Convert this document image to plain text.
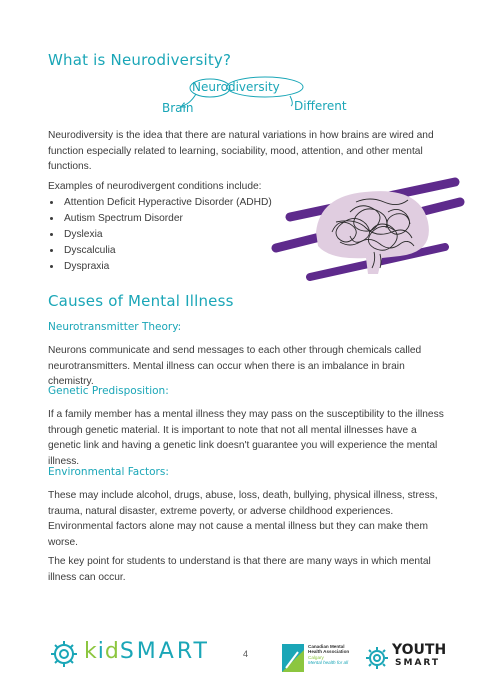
What is Neurodiversity?
Neurodiversity
Brain	Different

Neurodiversity is the idea that there are natural variations in how brains are wired and function especially related to learning, sociability, mood, attention, and other mental functions.

Examples of neurodivergent conditions include:

• Attention Deficit Hyperactive Disorder (ADHD)
• Autism Spectrum Disorder
• Dyslexia
• Dyscalculia
• Dyspraxia
Causes of Mental Illness
Neurotransmitter Theory:

Neurons communicate and send messages to each other through chemicals called neurotransmitters. Mental illness can occur when there is an imbalance in brain chemistry.

Genetic Predisposition:

If a family member has a mental illness they may pass on the susceptibility to the illness through genetic material. It is important to note that not all mental illnesses have a genetic link and having a genetic link doesn't guarantee you will experience the mental illness.

Environmental Factors:

These may include alcohol, drugs, abuse, loss, death, bullying, physical illness, stress, trauma, natural disaster, extreme poverty, or adverse childhood experiences. Environmental factors alone may not cause a mental illness but they can make them worse.

The key point for students to understand is that there are many ways in which mental illness can occur.

kidSMART	4
Canadian Mental
Health Association
Calgary
Mental health for all
YOUTH
SMART
